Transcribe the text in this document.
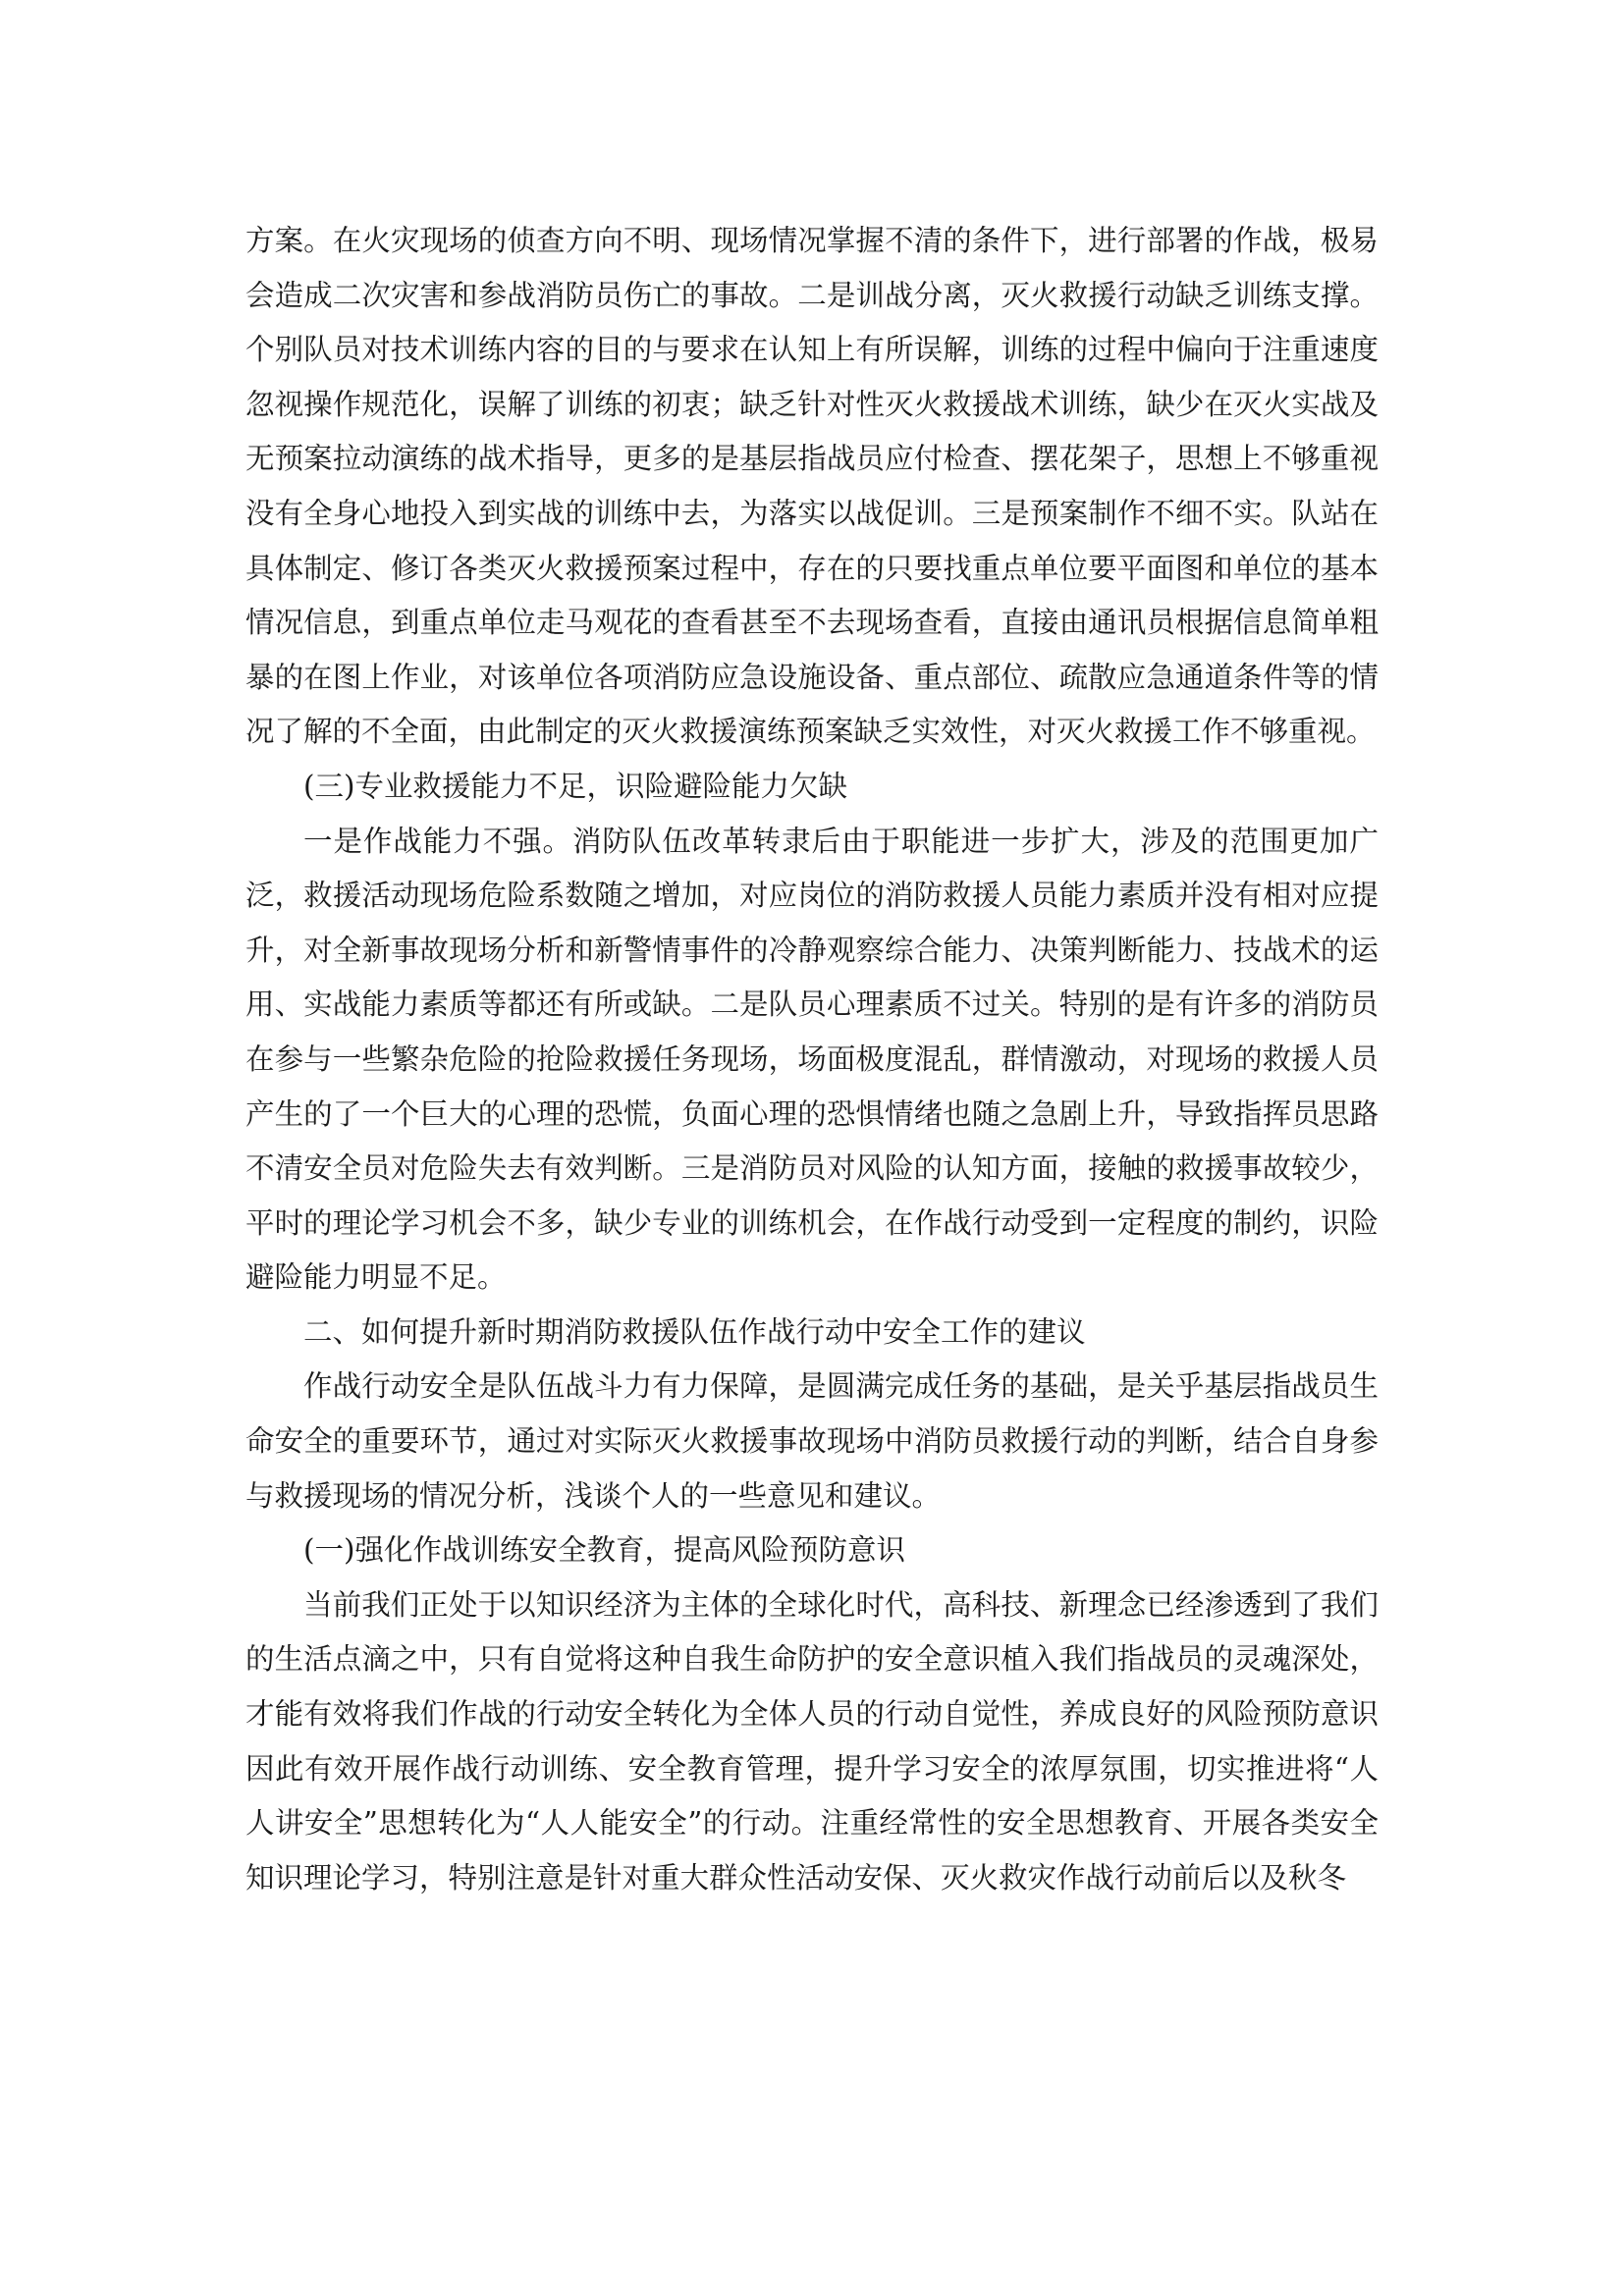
方案。在火灾现场的侦查方向不明、现场情况掌握不清的条件下，进行部署的作战，极易会造成二次灾害和参战消防员伤亡的事故。二是训战分离，灭火救援行动缺乏训练支撑。个别队员对技术训练内容的目的与要求在认知上有所误解，训练的过程中偏向于注重速度忽视操作规范化，误解了训练的初衷；缺乏针对性灭火救援战术训练，缺少在灭火实战及无预案拉动演练的战术指导，更多的是基层指战员应付检查、摆花架子，思想上不够重视没有全身心地投入到实战的训练中去，为落实以战促训。三是预案制作不细不实。队站在具体制定、修订各类灭火救援预案过程中，存在的只要找重点单位要平面图和单位的基本情况信息，到重点单位走马观花的查看甚至不去现场查看，直接由通讯员根据信息简单粗暴的在图上作业，对该单位各项消防应急设施设备、重点部位、疏散应急通道条件等的情况了解的不全面，由此制定的灭火救援演练预案缺乏实效性，对灭火救援工作不够重视。

(三)专业救援能力不足，识险避险能力欠缺

一是作战能力不强。消防队伍改革转隶后由于职能进一步扩大，涉及的范围更加广泛，救援活动现场危险系数随之增加，对应岗位的消防救援人员能力素质并没有相对应提升，对全新事故现场分析和新警情事件的冷静观察综合能力、决策判断能力、技战术的运用、实战能力素质等都还有所或缺。二是队员心理素质不过关。特别的是有许多的消防员在参与一些繁杂危险的抢险救援任务现场，场面极度混乱，群情激动，对现场的救援人员产生的了一个巨大的心理的恐慌，负面心理的恐惧情绪也随之急剧上升，导致指挥员思路不清安全员对危险失去有效判断。三是消防员对风险的认知方面，接触的救援事故较少，平时的理论学习机会不多，缺少专业的训练机会，在作战行动受到一定程度的制约，识险避险能力明显不足。

二、如何提升新时期消防救援队伍作战行动中安全工作的建议

作战行动安全是队伍战斗力有力保障，是圆满完成任务的基础，是关乎基层指战员生命安全的重要环节，通过对实际灭火救援事故现场中消防员救援行动的判断，结合自身参与救援现场的情况分析，浅谈个人的一些意见和建议。

(一)强化作战训练安全教育，提高风险预防意识

当前我们正处于以知识经济为主体的全球化时代，高科技、新理念已经渗透到了我们的生活点滴之中，只有自觉将这种自我生命防护的安全意识植入我们指战员的灵魂深处，才能有效将我们作战的行动安全转化为全体人员的行动自觉性，养成良好的风险预防意识因此有效开展作战行动训练、安全教育管理，提升学习安全的浓厚氛围，切实推进将“人人讲安全”思想转化为“人人能安全”的行动。注重经常性的安全思想教育、开展各类安全知识理论学习，特别注意是针对重大群众性活动安保、灭火救灾作战行动前后以及秋冬
